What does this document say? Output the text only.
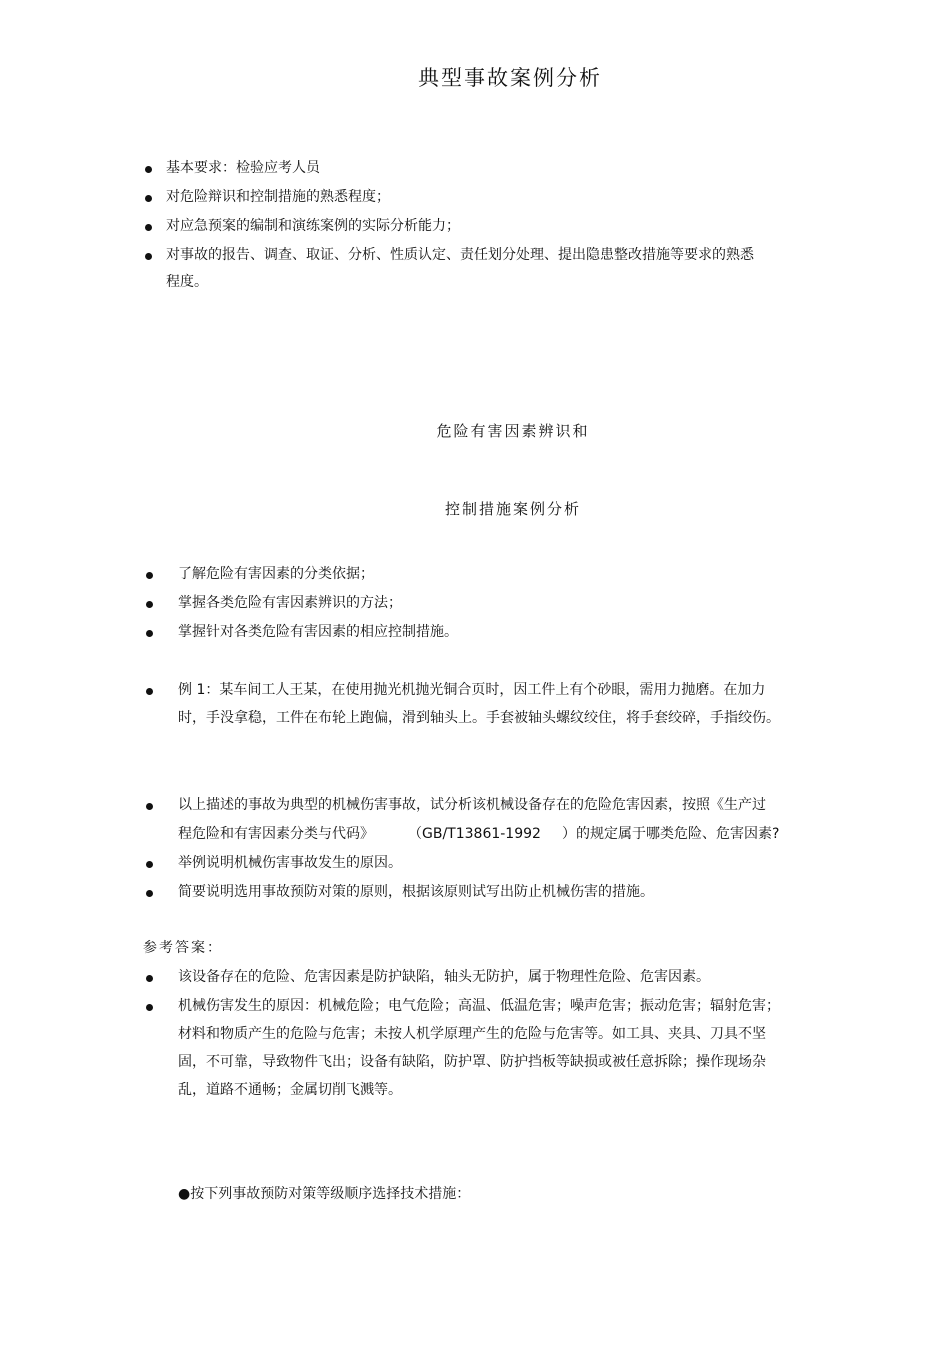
典型事故案例分析
基本要求：检验应考人员
对危险辩识和控制措施的熟悉程度；
对应急预案的编制和演练案例的实际分析能力；
对事故的报告、调查、取证、分析、性质认定、责任划分处理、提出隐患整改措施等要求的熟悉
程度。
危险有害因素辨识和
控制措施案例分析
了解危险有害因素的分类依据；
掌握各类危险有害因素辨识的方法；
掌握针对各类危险有害因素的相应控制措施。
例 1：某车间工人王某，在使用抛光机抛光铜合页时，因工件上有个砂眼，需用力抛磨。在加力
时，手没拿稳，工件在布轮上跑偏，滑到轴头上。手套被轴头螺纹绞住，将手套绞碎，手指绞伤。
以上描述的事故为典型的机械伤害事故，试分析该机械设备存在的危险危害因素，按照《生产过
程危险和有害因素分类与代码》 （GB/T13861-1992 ）的规定属于哪类危险、危害因素?
举例说明机械伤害事故发生的原因。
简要说明选用事故预防对策的原则，根据该原则试写出防止机械伤害的措施。
参考答案：
该设备存在的危险、危害因素是防护缺陷，轴头无防护，属于物理性危险、危害因素。
机械伤害发生的原因：机械危险；电气危险；高温、低温危害；噪声危害；振动危害；辐射危害；
材料和物质产生的危险与危害；未按人机学原理产生的危险与危害等。如工具、夹具、刀具不坚
固，不可靠，导致物件飞出；设备有缺陷，防护罩、防护挡板等缺损或被任意拆除；操作现场杂
乱，道路不通畅；金属切削飞溅等。
●按下列事故预防对策等级顺序选择技术措施：
